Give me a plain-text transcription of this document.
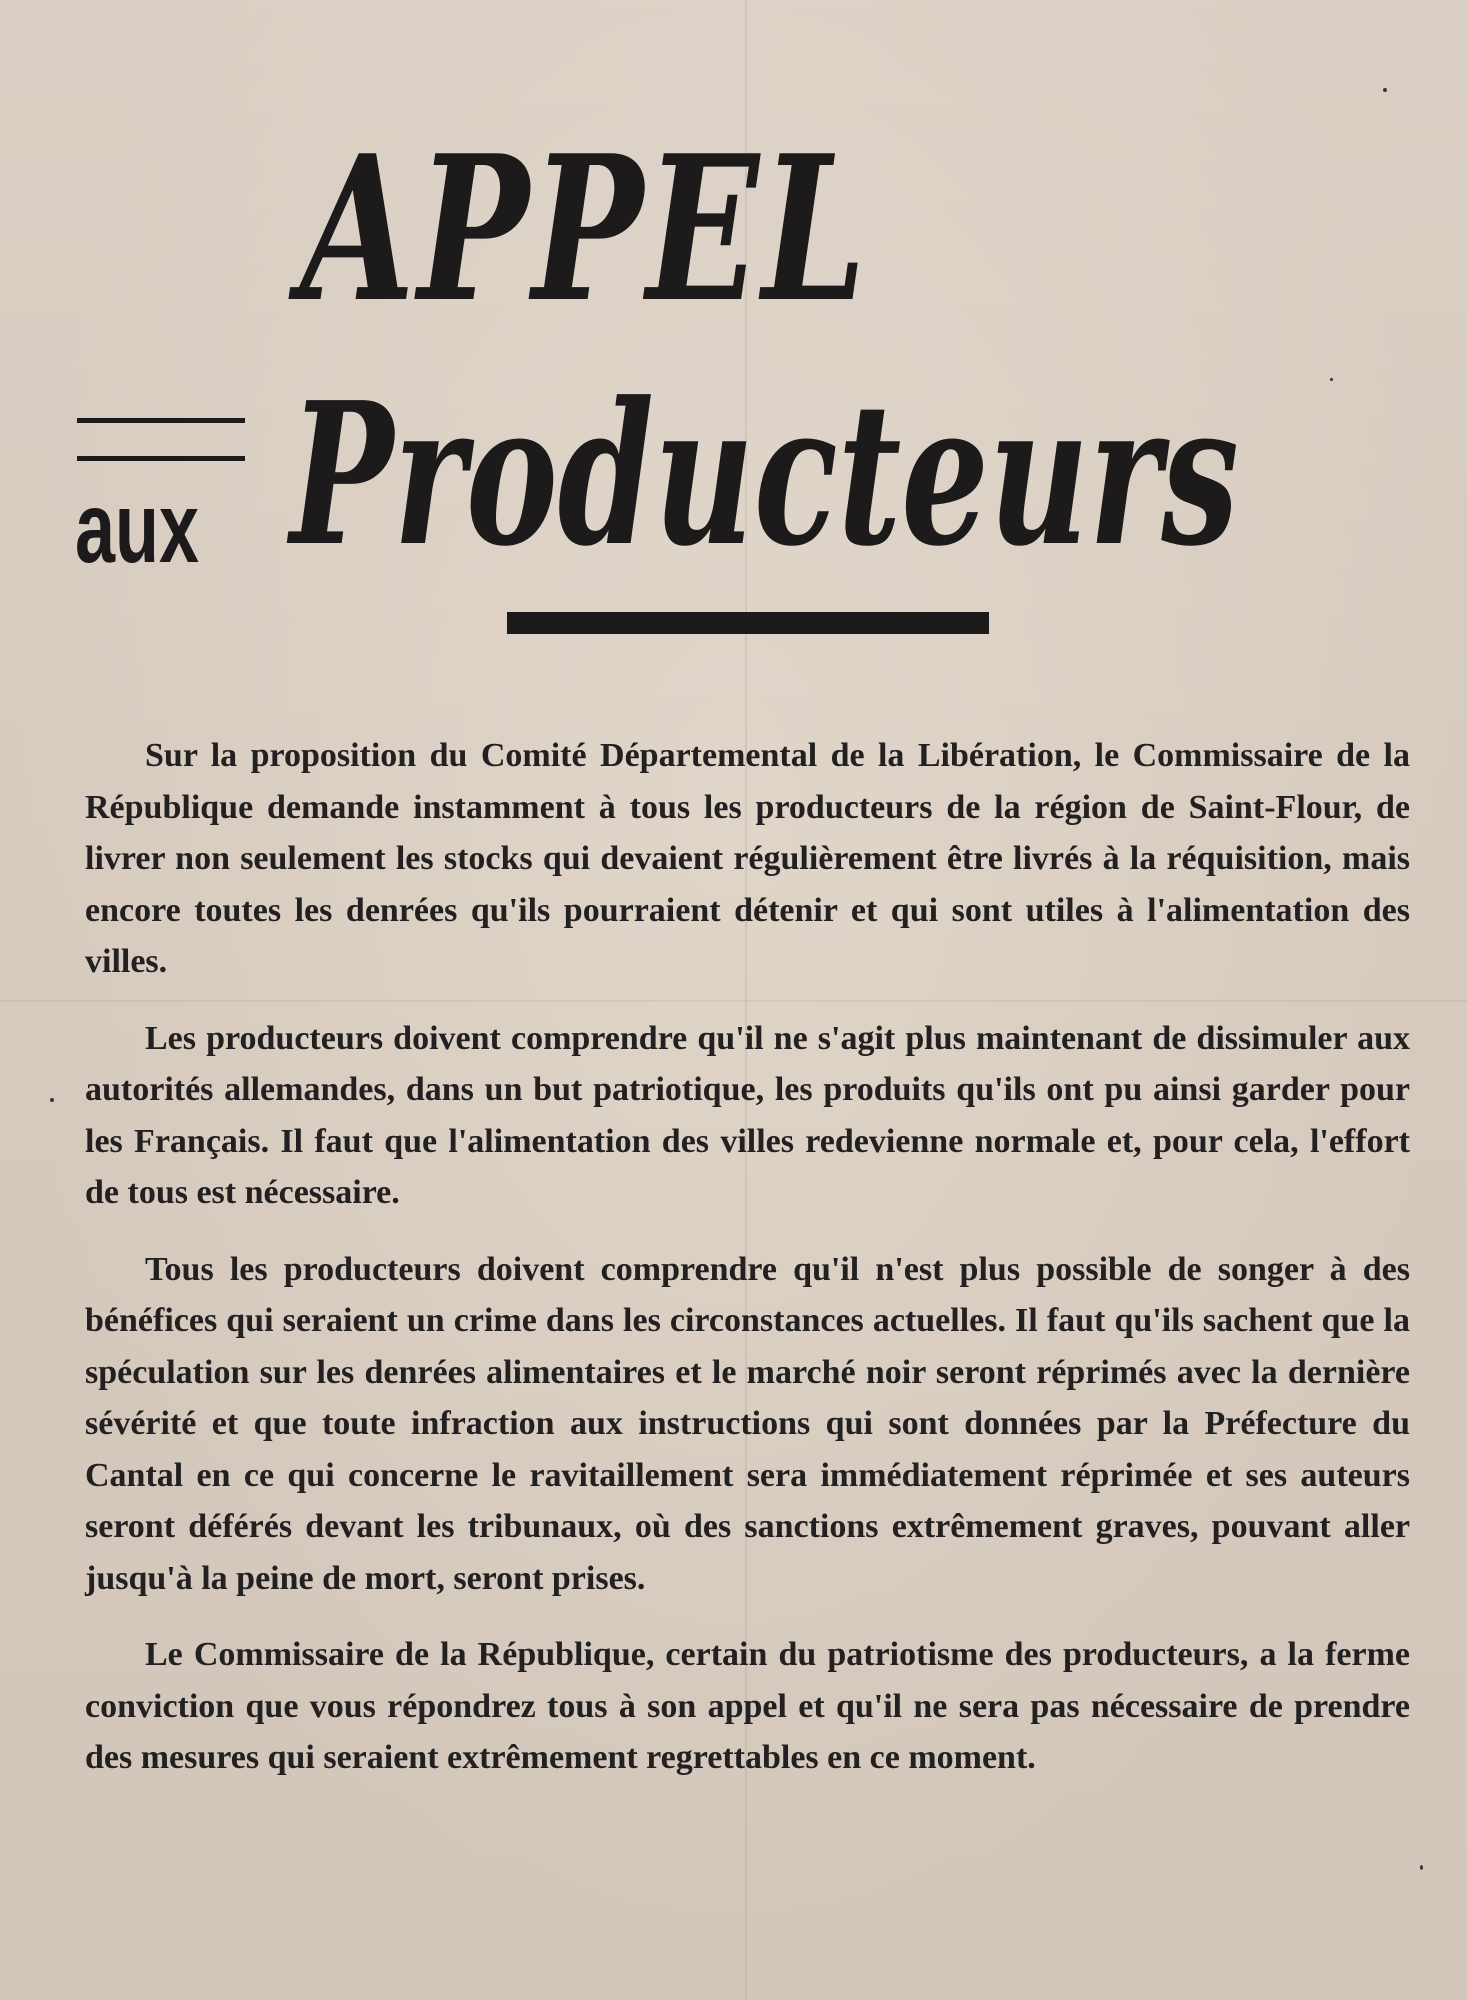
APPEL
aux Producteurs

Sur la proposition du Comité Départemental de la Libération, le Commissaire de la République demande instamment à tous les producteurs de la région de Saint-Flour, de livrer non seulement les stocks qui devaient régulièrement être livrés à la réquisition, mais encore toutes les denrées qu'ils pourraient détenir et qui sont utiles à l'alimentation des villes.

Les producteurs doivent comprendre qu'il ne s'agit plus maintenant de dissimuler aux autorités allemandes, dans un but patriotique, les produits qu'ils ont pu ainsi garder pour les Français. Il faut que l'alimentation des villes redevienne normale et, pour cela, l'effort de tous est nécessaire.

Tous les producteurs doivent comprendre qu'il n'est plus possible de songer à des bénéfices qui seraient un crime dans les circonstances actuelles. Il faut qu'ils sachent que la spéculation sur les denrées alimentaires et le marché noir seront réprimés avec la dernière sévérité et que toute infraction aux instructions qui sont données par la Préfecture du Cantal en ce qui concerne le ravitaillement sera immédiatement réprimée et ses auteurs seront déférés devant les tribunaux, où des sanctions extrêmement graves, pouvant aller jusqu'à la peine de mort, seront prises.

Le Commissaire de la République, certain du patriotisme des producteurs, a la ferme conviction que vous répondrez tous à son appel et qu'il ne sera pas nécessaire de prendre des mesures qui seraient extrêmement regrettables en ce moment.
